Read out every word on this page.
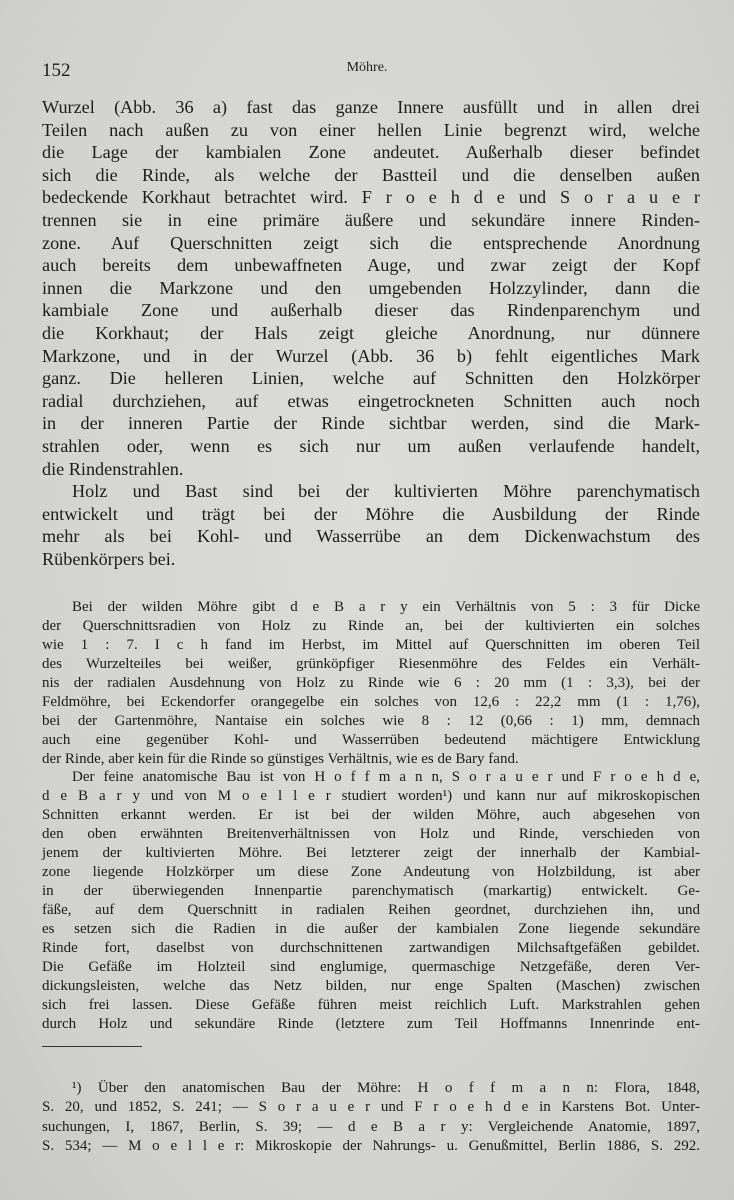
152	Möhre.
Wurzel (Abb. 36 a) fast das ganze Innere ausfüllt und in allen drei
Teilen nach außen zu von einer hellen Linie begrenzt wird, welche
die Lage der kambialen Zone andeutet. Außerhalb dieser befindet
sich die Rinde, als welche der Bastteil und die denselben außen
bedeckende Korkhaut betrachtet wird. F r o e h d e und S o r a u e r
trennen sie in eine primäre äußere und sekundäre innere Rinden-
zone. Auf Querschnitten zeigt sich die entsprechende Anordnung
auch bereits dem unbewaffneten Auge, und zwar zeigt der Kopf
innen die Markzone und den umgebenden Holzzylinder, dann die
kambiale Zone und außerhalb dieser das Rindenparenchym und
die Korkhaut; der Hals zeigt gleiche Anordnung, nur dünnere
Markzone, und in der Wurzel (Abb. 36 b) fehlt eigentliches Mark
ganz. Die helleren Linien, welche auf Schnitten den Holzkörper
radial durchziehen, auf etwas eingetrockneten Schnitten auch noch
in der inneren Partie der Rinde sichtbar werden, sind die Mark-
strahlen oder, wenn es sich nur um außen verlaufende handelt,
die Rindenstrahlen.
Holz und Bast sind bei der kultivierten Möhre parenchymatisch
entwickelt und trägt bei der Möhre die Ausbildung der Rinde
mehr als bei Kohl- und Wasserrübe an dem Dickenwachstum des
Rübenkörpers bei.
Bei der wilden Möhre gibt d e B a r y ein Verhältnis von 5 : 3 für Dicke
der Querschnittsradien von Holz zu Rinde an, bei der kultivierten ein solches
wie 1 : 7. I c h fand im Herbst, im Mittel auf Querschnitten im oberen Teil
des Wurzelteiles bei weißer, grünköpfiger Riesenmöhre des Feldes ein Verhält-
nis der radialen Ausdehnung von Holz zu Rinde wie 6 : 20 mm (1 : 3,3), bei der
Feldmöhre, bei Eckendorfer orangegelbe ein solches von 12,6 : 22,2 mm (1 : 1,76),
bei der Gartenmöhre, Nantaise ein solches wie 8 : 12 (0,66 : 1) mm, demnach
auch eine gegenüber Kohl- und Wasserrüben bedeutend mächtigere Entwicklung
der Rinde, aber kein für die Rinde so günstiges Verhältnis, wie es de Bary fand.
Der feine anatomische Bau ist von H o f f m a n n, S o r a u e r und F r o e h d e,
d e B a r y und von M o e l l e r studiert worden¹) und kann nur auf mikroskopischen
Schnitten erkannt werden. Er ist bei der wilden Möhre, auch abgesehen von
den oben erwähnten Breitenverhältnissen von Holz und Rinde, verschieden von
jenem der kultivierten Möhre. Bei letzterer zeigt der innerhalb der Kambial-
zone liegende Holzkörper um diese Zone Andeutung von Holzbildung, ist aber
in der überwiegenden Innenpartie parenchymatisch (markartig) entwickelt. Ge-
fäße, auf dem Querschnitt in radialen Reihen geordnet, durchziehen ihn, und
es setzen sich die Radien in die außer der kambialen Zone liegende sekundäre
Rinde fort, daselbst von durchschnittenen zartwandigen Milchsaftgefäßen gebildet.
Die Gefäße im Holzteil sind englumige, quermaschige Netzgefäße, deren Ver-
dickungsleisten, welche das Netz bilden, nur enge Spalten (Maschen) zwischen
sich frei lassen. Diese Gefäße führen meist reichlich Luft. Markstrahlen gehen
durch Holz und sekundäre Rinde (letztere zum Teil Hoffmanns Innenrinde ent-
¹) Über den anatomischen Bau der Möhre: H o f f m a n n: Flora, 1848,
S. 20, und 1852, S. 241; — S o r a u e r und F r o e h d e in Karstens Bot. Unter-
suchungen, I, 1867, Berlin, S. 39; — d e B a r y: Vergleichende Anatomie, 1897,
S. 534; — M o e l l e r: Mikroskopie der Nahrungs- u. Genußmittel, Berlin 1886, S. 292.
